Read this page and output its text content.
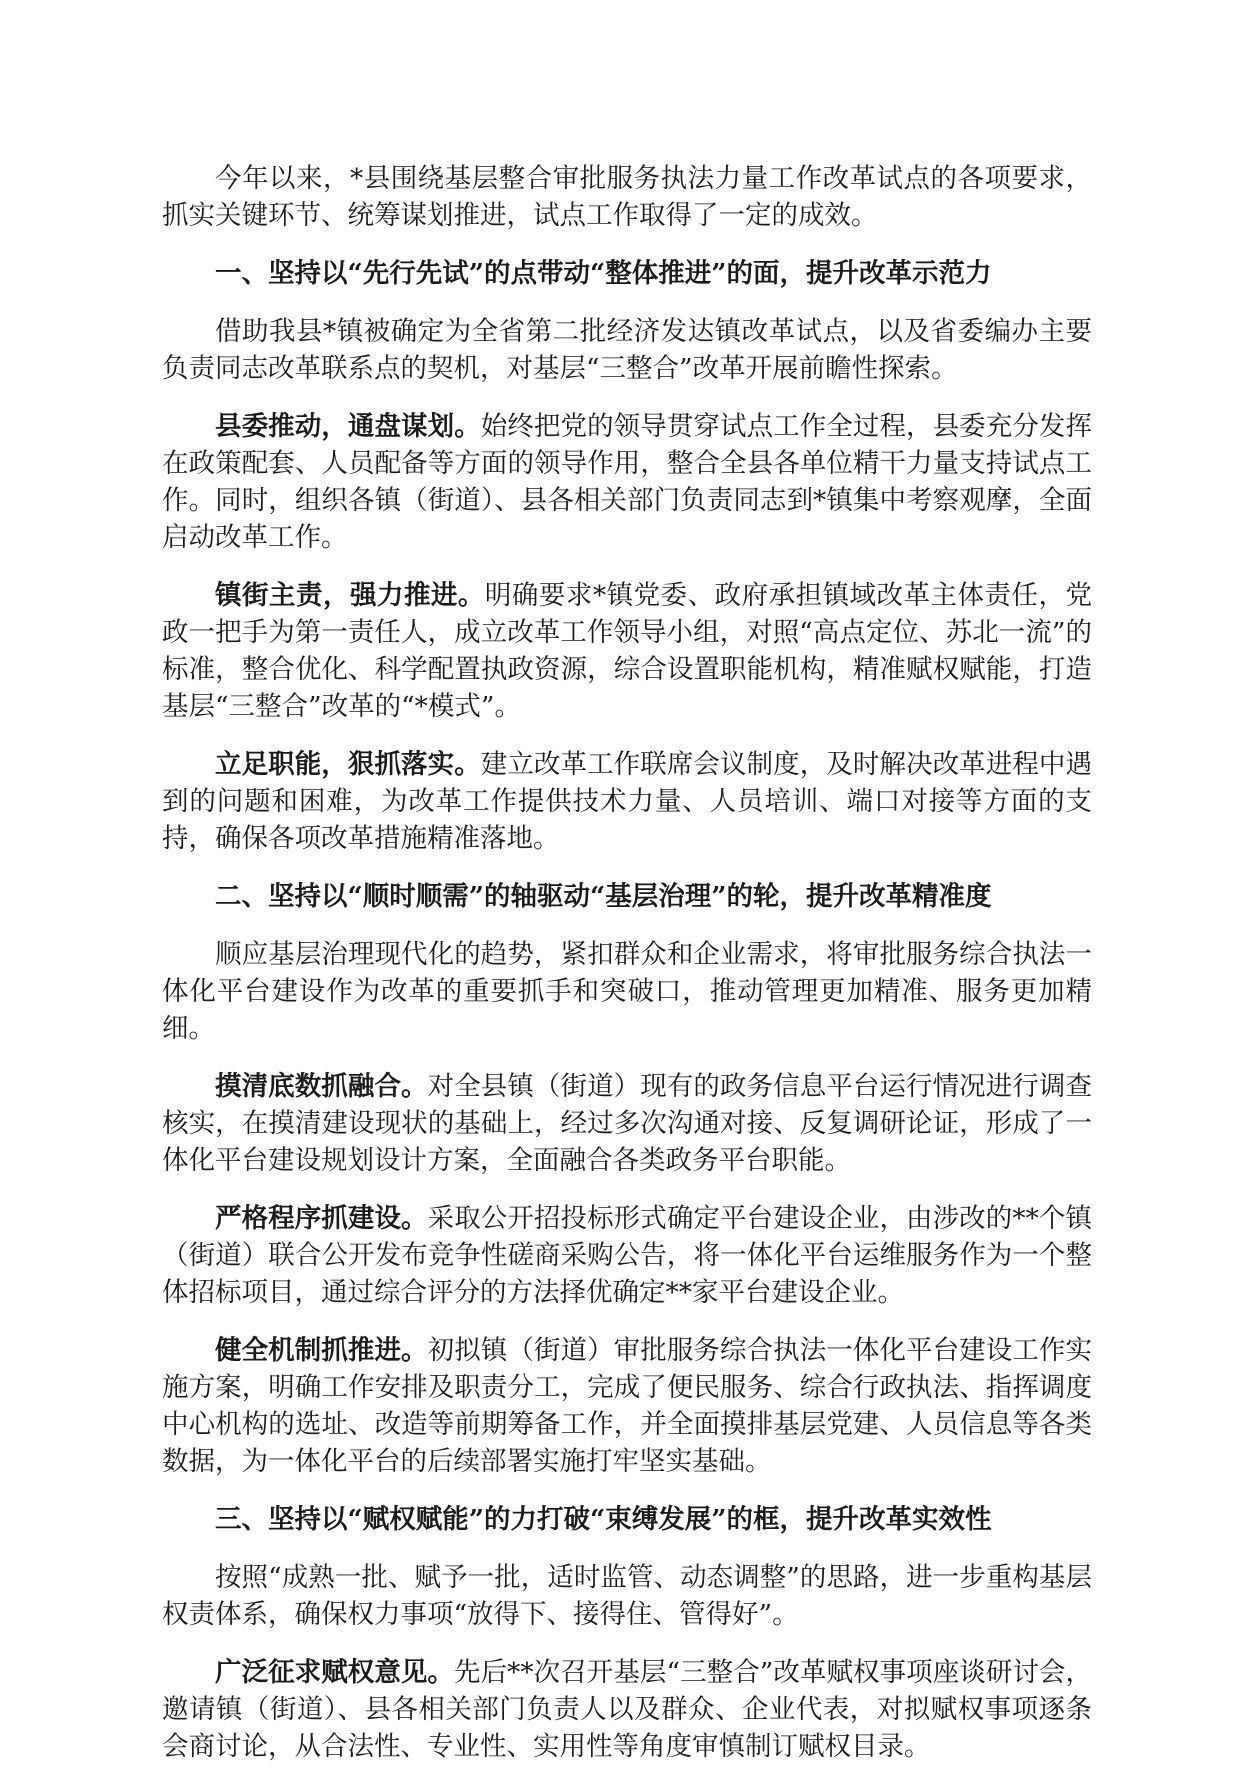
今年以来，*县围绕基层整合审批服务执法力量工作改革试点的各项要求，抓实关键环节、统筹谋划推进，试点工作取得了一定的成效。

一、坚持以“先行先试”的点带动“整体推进”的面，提升改革示范力

借助我县*镇被确定为全省第二批经济发达镇改革试点，以及省委编办主要负责同志改革联系点的契机，对基层“三整合”改革开展前瞻性探索。

县委推动，通盘谋划。始终把党的领导贯穿试点工作全过程，县委充分发挥在政策配套、人员配备等方面的领导作用，整合全县各单位精干力量支持试点工作。同时，组织各镇（街道）、县各相关部门负责同志到*镇集中考察观摩，全面启动改革工作。

镇街主责，强力推进。明确要求*镇党委、政府承担镇域改革主体责任，党政一把手为第一责任人，成立改革工作领导小组，对照“高点定位、苏北一流”的标准，整合优化、科学配置执政资源，综合设置职能机构，精准赋权赋能，打造基层“三整合”改革的“*模式”。

立足职能，狠抓落实。建立改革工作联席会议制度，及时解决改革进程中遇到的问题和困难，为改革工作提供技术力量、人员培训、端口对接等方面的支持，确保各项改革措施精准落地。

二、坚持以“顺时顺需”的轴驱动“基层治理”的轮，提升改革精准度

顺应基层治理现代化的趋势，紧扣群众和企业需求，将审批服务综合执法一体化平台建设作为改革的重要抓手和突破口，推动管理更加精准、服务更加精细。

摸清底数抓融合。对全县镇（街道）现有的政务信息平台运行情况进行调查核实，在摸清建设现状的基础上，经过多次沟通对接、反复调研论证，形成了一体化平台建设规划设计方案，全面融合各类政务平台职能。

严格程序抓建设。采取公开招投标形式确定平台建设企业，由涉改的**个镇（街道）联合公开发布竞争性磋商采购公告，将一体化平台运维服务作为一个整体招标项目，通过综合评分的方法择优确定**家平台建设企业。

健全机制抓推进。初拟镇（街道）审批服务综合执法一体化平台建设工作实施方案，明确工作安排及职责分工，完成了便民服务、综合行政执法、指挥调度中心机构的选址、改造等前期筹备工作，并全面摸排基层党建、人员信息等各类数据，为一体化平台的后续部署实施打牢坚实基础。

三、坚持以“赋权赋能”的力打破“束缚发展”的框，提升改革实效性

按照“成熟一批、赋予一批，适时监管、动态调整”的思路，进一步重构基层权责体系，确保权力事项“放得下、接得住、管得好”。

广泛征求赋权意见。先后**次召开基层“三整合”改革赋权事项座谈研讨会，邀请镇（街道）、县各相关部门负责人以及群众、企业代表，对拟赋权事项逐条会商讨论，从合法性、专业性、实用性等角度审慎制订赋权目录。
